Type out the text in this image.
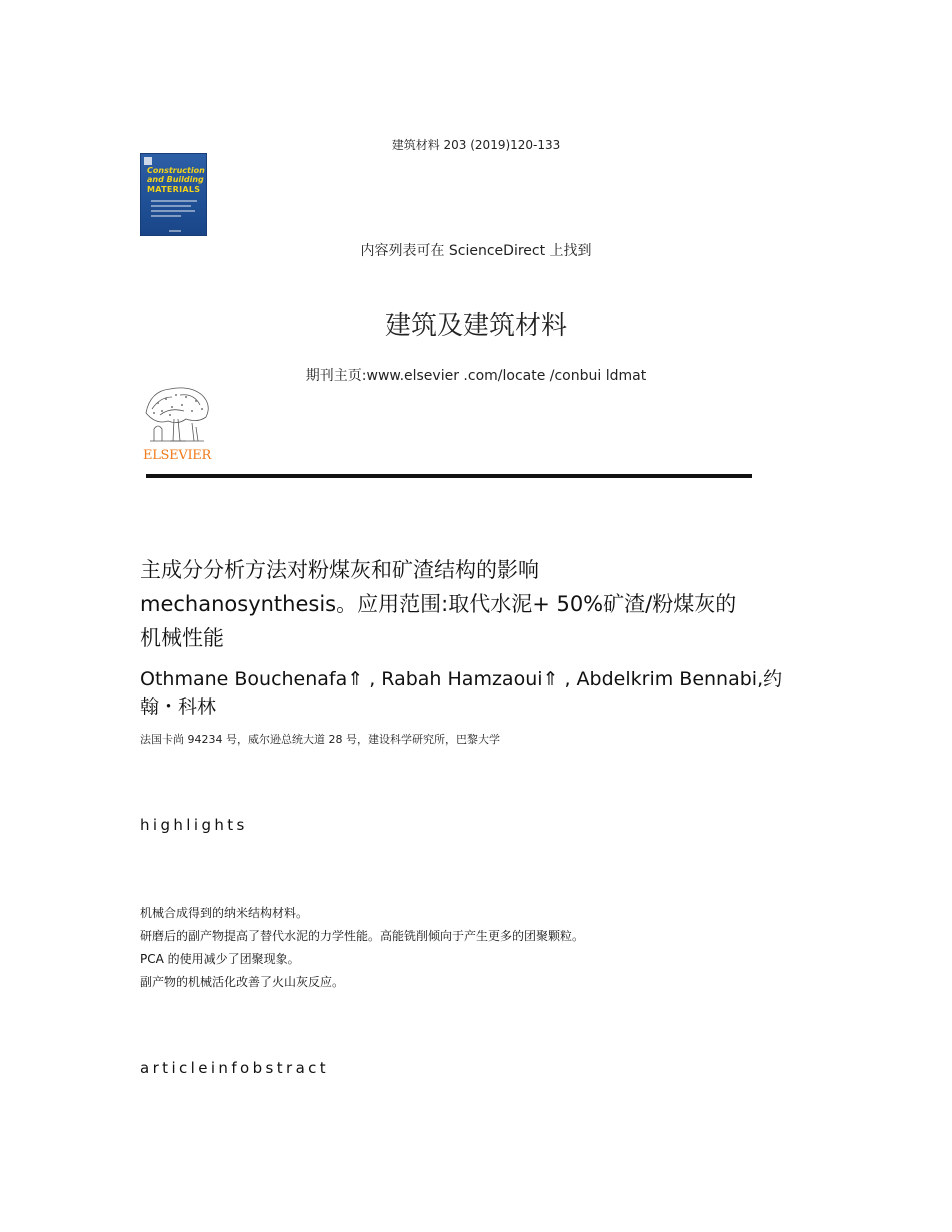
建筑材料 203 (2019)120-133
Construction
and Building
MATERIALS
内容列表可在 ScienceDirect 上找到
建筑及建筑材料
期刊主页:www.elsevier .com/locate /conbui ldmat
ELSEVIER
主成分分析方法对粉煤灰和矿渣结构的影响
mechanosynthesis。应用范围:取代水泥+ 50%矿渣/粉煤灰的
机械性能
Othmane Bouchenafa⇑ , Rabah Hamzaoui⇑ , Abdelkrim Bennabi,约
翰・科林
法国卡尚 94234 号，威尔逊总统大道 28 号，建设科学研究所，巴黎大学
highlights
机械合成得到的纳米结构材料。
研磨后的副产物提高了替代水泥的力学性能。高能铣削倾向于产生更多的团聚颗粒。
PCA 的使用减少了团聚现象。
副产物的机械活化改善了火山灰反应。
articleinfobstract
